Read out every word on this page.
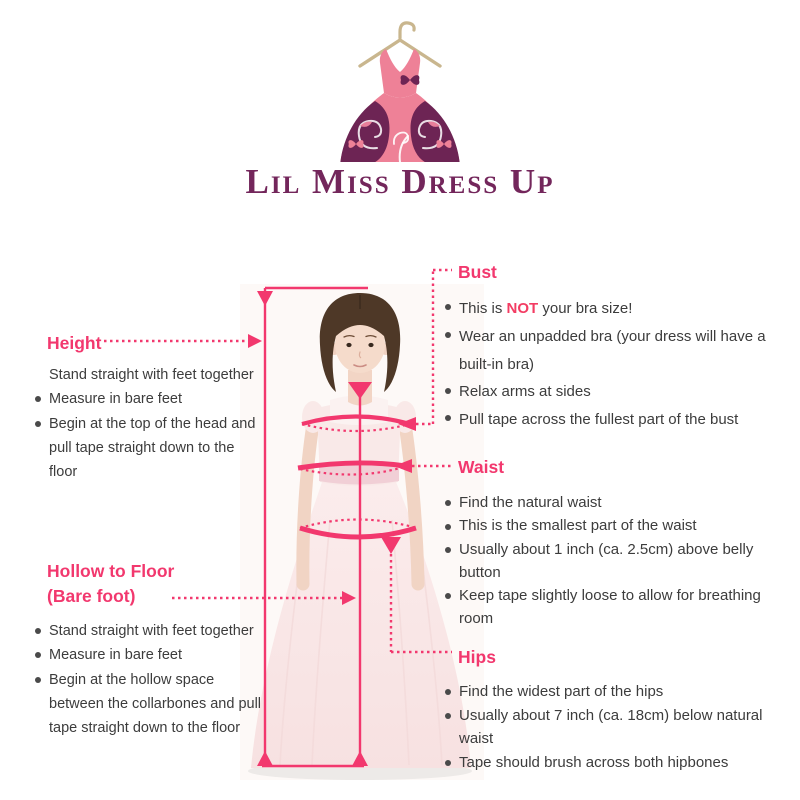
Lil Miss Dress Up
Height
Stand straight with feet together
Measure in bare feet
Begin at the top of the head and
pull tape straight down to the
floor
Hollow to Floor
(Bare foot)
Stand straight with feet together
Measure in bare feet
Begin at the hollow space
between the collarbones and pull
tape straight down to the floor
Bust
This is NOT your bra size!
Wear an unpadded bra (your dress will have a
built-in bra)
Relax arms at sides
Pull tape across the fullest part of the bust
Waist
Find the natural waist
This is the smallest part of the waist
Usually about 1 inch (ca. 2.5cm) above belly
button
Keep tape slightly loose to allow for breathing
room
Hips
Find the widest part of the hips
Usually about 7 inch (ca. 18cm) below natural
waist
Tape should brush across both hipbones
